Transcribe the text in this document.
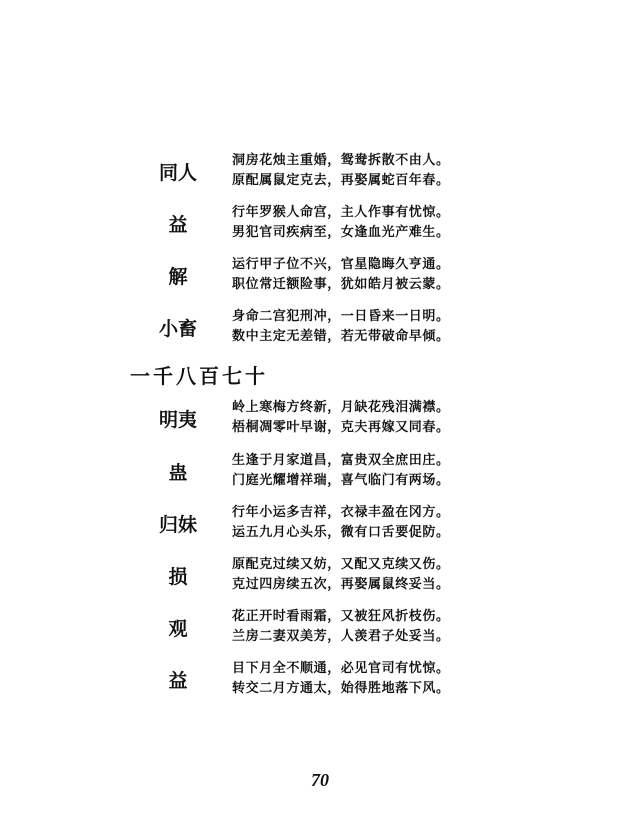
同人
洞房花烛主重婚，鸳鸯拆散不由人。
原配属鼠定克去，再娶属蛇百年春。
益
行年罗猴人命宫，主人作事有忧惊。
男犯官司疾病至，女逢血光产难生。
解
运行甲子位不兴，官星隐晦久亨通。
职位常迁额险事，犹如皓月被云蒙。
小畜
身命二宫犯刑冲，一日昏来一日明。
数中主定无差错，若无带破命早倾。
一千八百七十
明夷
岭上寒梅方终新，月缺花残泪满襟。
梧桐凋零叶早谢，克夫再嫁又同春。
蛊
生逢于月家道昌，富贵双全庶田庄。
门庭光耀增祥瑞，喜气临门有两场。
归妹
行年小运多吉祥，衣禄丰盈在冈方。
运五九月心头乐，微有口舌要促防。
损
原配克过续又妨，又配又克续又伤。
克过四房续五次，再娶属鼠终妥当。
观
花正开时看雨霜，又被狂风折枝伤。
兰房二妻双美芳，人羡君子处妥当。
益
目下月全不顺通，必见官司有忧惊。
转交二月方通太，始得胜地落下风。
70
